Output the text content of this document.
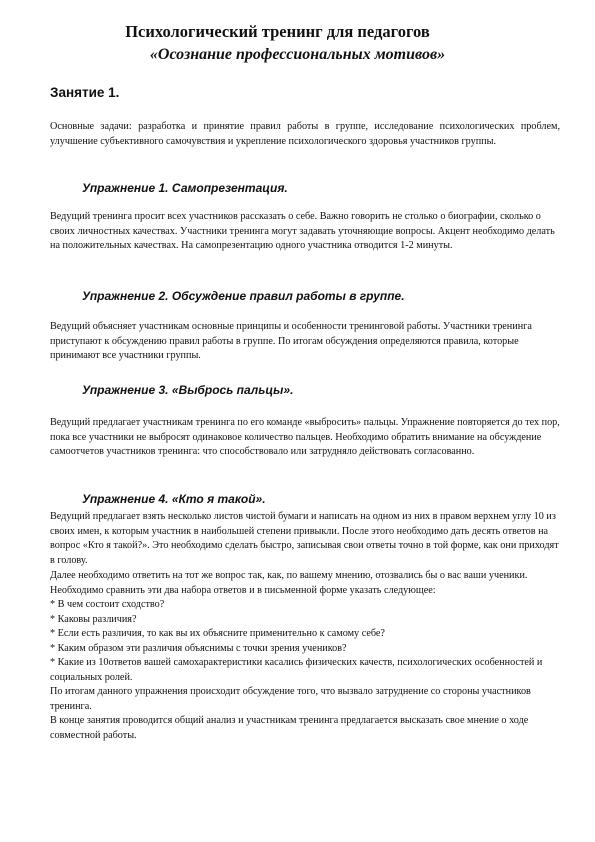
Психологический тренинг для педагогов
«Осознание профессиональных мотивов»
Занятие 1.

Основные задачи: разработка и принятие правил работы в группе, исследование психологических проблем, улучшение субъективного самочувствия и укрепление психологического здоровья участников группы.

Упражнение 1. Самопрезентация.

Ведущий тренинга просит всех участников рассказать о себе. Важно говорить не столько о биографии, сколько о своих личностных качествах. Участники тренинга могут задавать уточняющие вопросы. Акцент необходимо делать на положительных качествах. На самопрезентацию одного участника отводится 1-2 минуты.

Упражнение 2. Обсуждение правил работы в группе.

Ведущий объясняет участникам основные принципы и особенности тренинговой работы. Участники тренинга приступают к обсуждению правил работы в группе. По итогам обсуждения определяются правила, которые принимают все участники группы.

Упражнение 3. «Выбрось пальцы».

Ведущий предлагает участникам тренинга по его команде «выбросить» пальцы. Упражнение повторяется до тех пор, пока все участники не выбросят одинаковое количество пальцев. Необходимо обратить внимание на обсуждение самоотчетов участников тренинга: что способствовало или затрудняло действовать согласованно.

Упражнение 4. «Кто я такой».

Ведущий предлагает взять несколько листов чистой бумаги и написать на одном из них в правом верхнем углу 10 из своих имен, к которым участник в наибольшей степени привыкли. После этого необходимо дать десять ответов на вопрос «Кто я такой?». Это необходимо сделать быстро, записывая свои ответы точно в той форме, как они приходят в голову.

Далее необходимо ответить на тот же вопрос так, как, по вашему мнению, отозвались бы о вас ваши ученики. Необходимо сравнить эти два набора ответов и в письменной форме указать следующее:

* В чем состоит сходство?
* Каковы различия?
* Если есть различия, то как вы их объясните применительно к самому себе?
* Каким образом эти различия объяснимы с точки зрения учеников?
* Какие из 10ответов вашей самохарактеристики касались физических качеств, психологических особенностей и социальных ролей.

По итогам данного упражнения происходит обсуждение того, что вызвало затруднение со стороны участников тренинга.

В конце занятия проводится общий анализ и участникам тренинга предлагается высказать свое мнение о ходе совместной работы.
